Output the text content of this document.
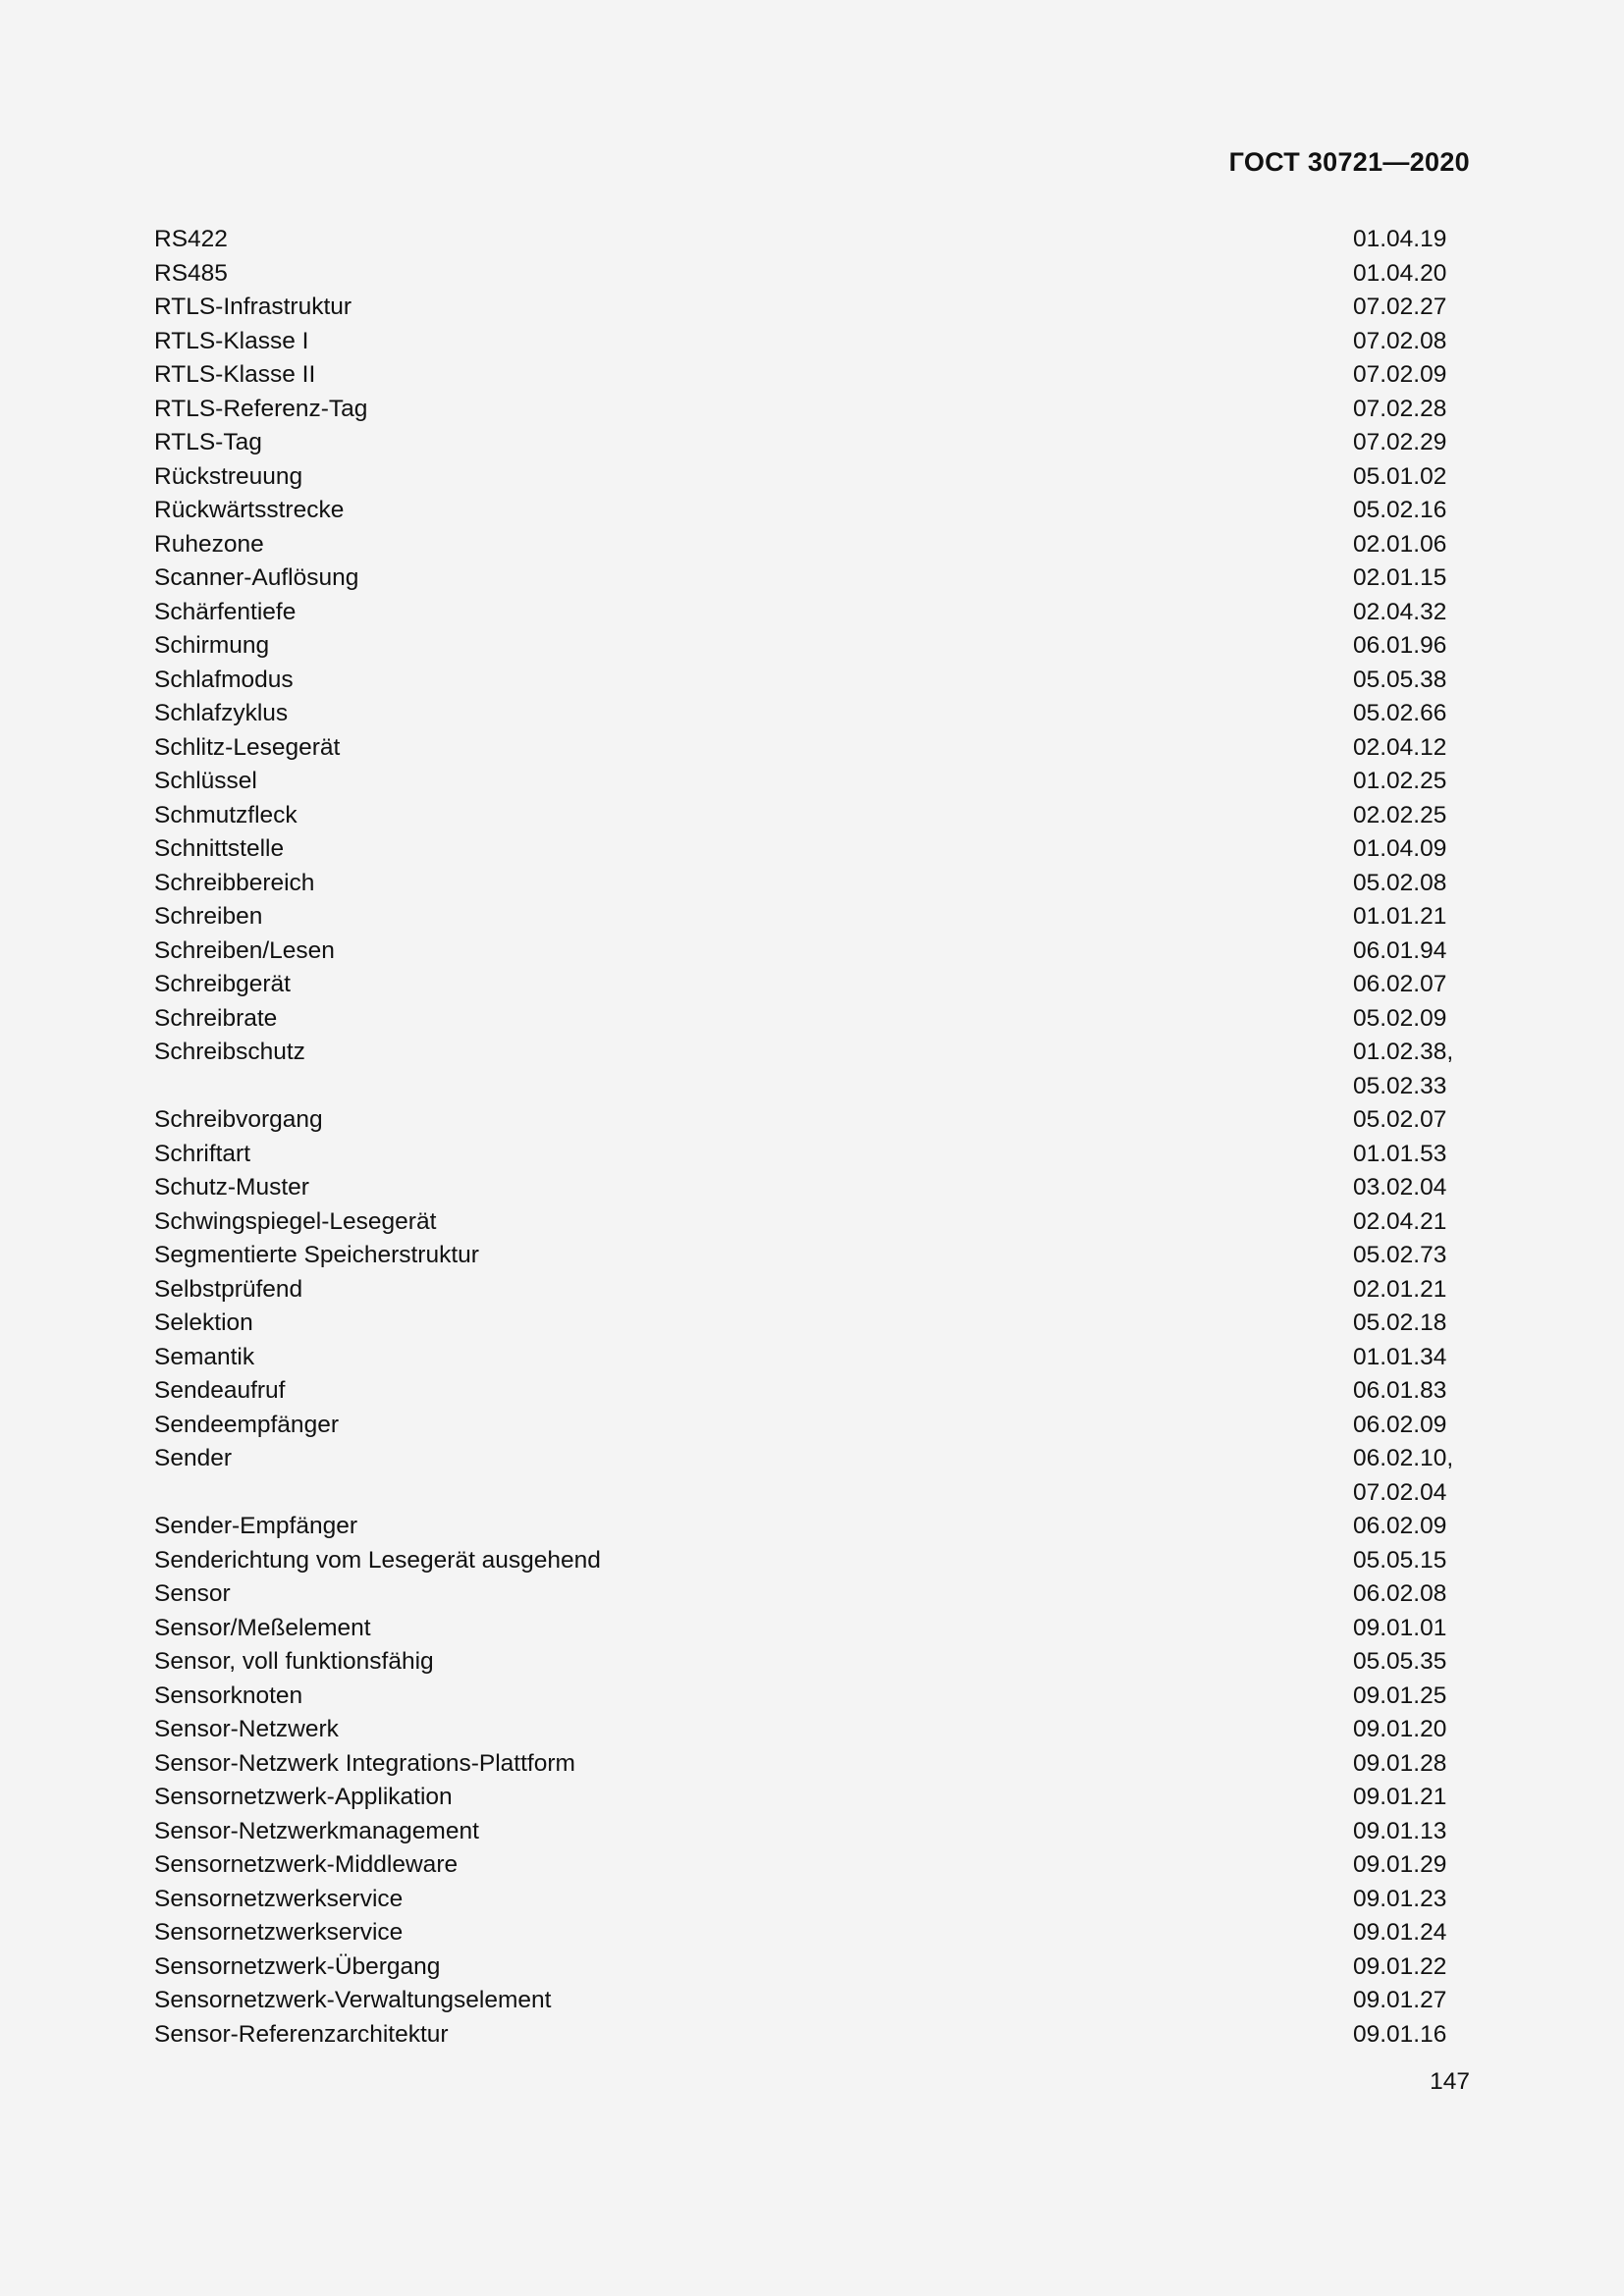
ГОСТ 30721—2020
RS422	01.04.19
RS485	01.04.20
RTLS-Infrastruktur	07.02.27
RTLS-Klasse I	07.02.08
RTLS-Klasse II	07.02.09
RTLS-Referenz-Tag	07.02.28
RTLS-Tag	07.02.29
Rückstreuung	05.01.02
Rückwärtsstrecke	05.02.16
Ruhezone	02.01.06
Scanner-Auflösung	02.01.15
Schärfentiefe	02.04.32
Schirmung	06.01.96
Schlafmodus	05.05.38
Schlafzyklus	05.02.66
Schlitz-Lesegerät	02.04.12
Schlüssel	01.02.25
Schmutzfleck	02.02.25
Schnittstelle	01.04.09
Schreibbereich	05.02.08
Schreiben	01.01.21
Schreiben/Lesen	06.01.94
Schreibgerät	06.02.07
Schreibrate	05.02.09
Schreibschutz	01.02.38,
05.02.33
Schreibvorgang	05.02.07
Schriftart	01.01.53
Schutz-Muster	03.02.04
Schwingspiegel-Lesegerät	02.04.21
Segmentierte Speicherstruktur	05.02.73
Selbstprüfend	02.01.21
Selektion	05.02.18
Semantik	01.01.34
Sendeaufruf	06.01.83
Sendeempfänger	06.02.09
Sender	06.02.10,
07.02.04
Sender-Empfänger	06.02.09
Senderichtung vom Lesegerät ausgehend	05.05.15
Sensor	06.02.08
Sensor/Meßelement	09.01.01
Sensor, voll funktionsfähig	05.05.35
Sensorknoten	09.01.25
Sensor-Netzwerk	09.01.20
Sensor-Netzwerk Integrations-Plattform	09.01.28
Sensornetzwerk-Applikation	09.01.21
Sensor-Netzwerkmanagement	09.01.13
Sensornetzwerk-Middleware	09.01.29
Sensornetzwerkservice	09.01.23
Sensornetzwerkservice	09.01.24
Sensornetzwerk-Übergang	09.01.22
Sensornetzwerk-Verwaltungselement	09.01.27
Sensor-Referenzarchitektur	09.01.16
147
